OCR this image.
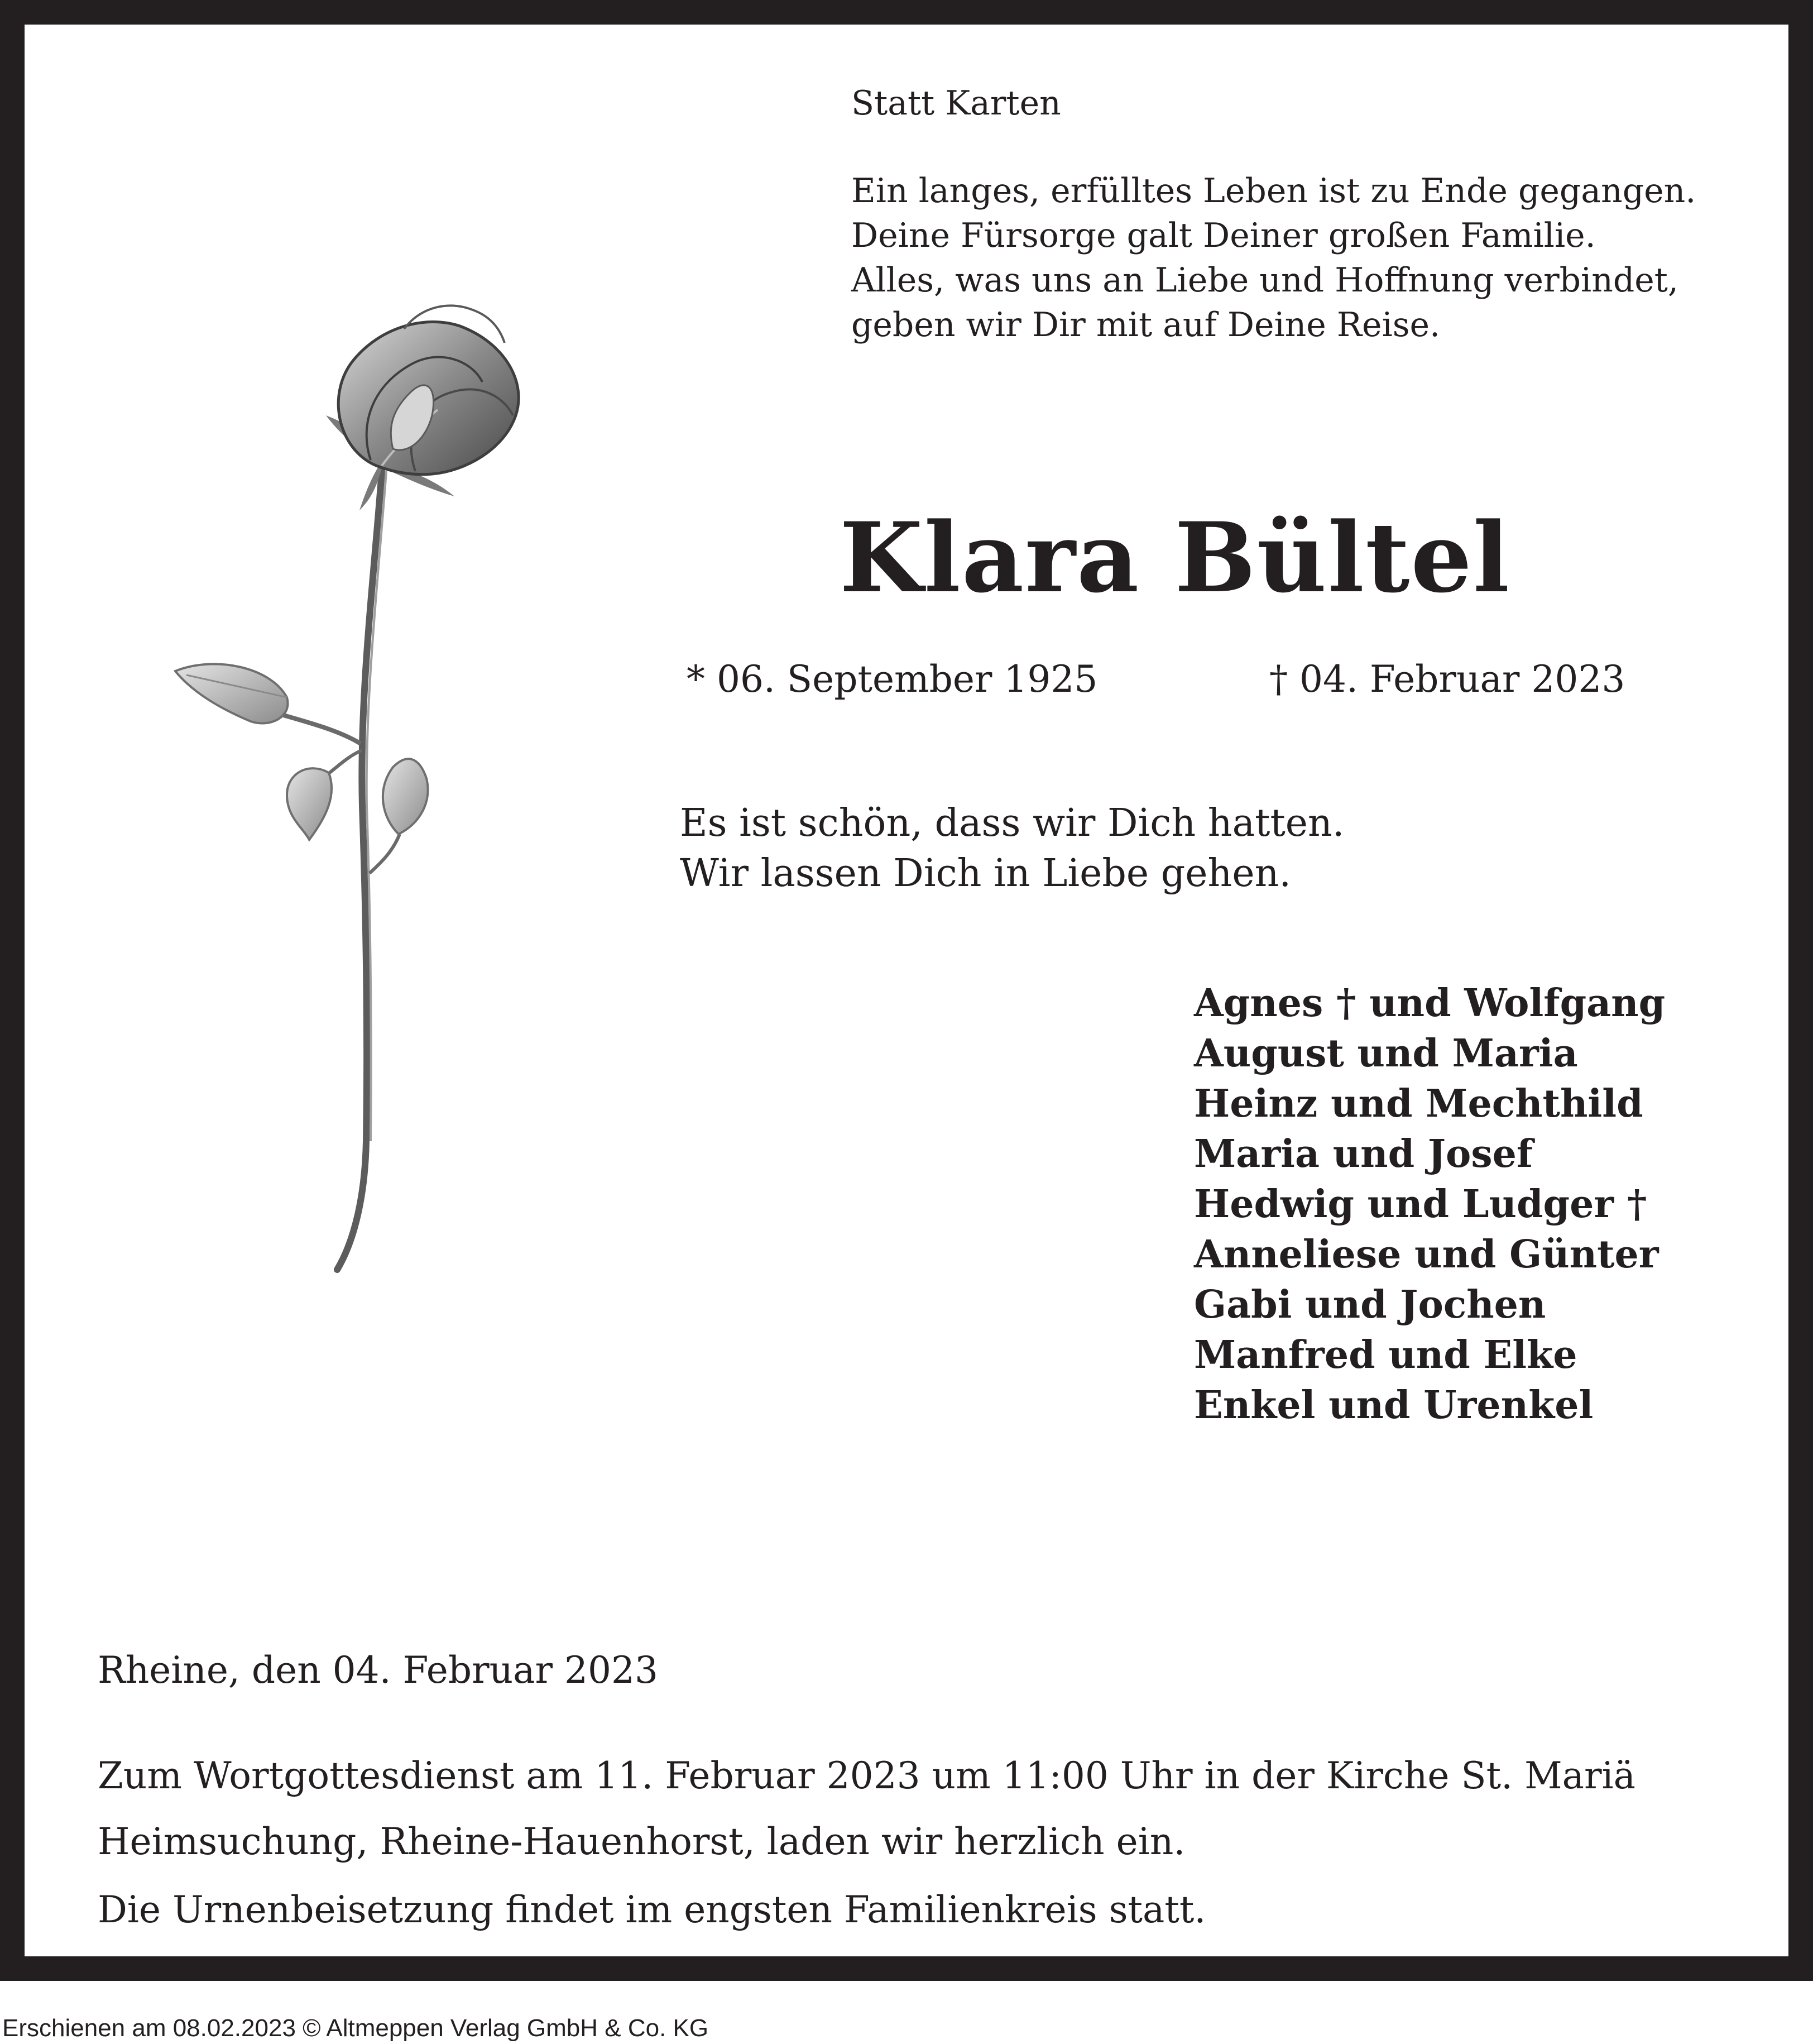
Statt Karten
Ein langes, erfülltes Leben ist zu Ende gegangen.
Deine Fürsorge galt Deiner großen Familie.
Alles, was uns an Liebe und Hoffnung verbindet,
geben wir Dir mit auf Deine Reise.
Klara Bültel
* 06. September 1925	† 04. Februar 2023
Es ist schön, dass wir Dich hatten.
Wir lassen Dich in Liebe gehen.
Agnes † und Wolfgang
August und Maria
Heinz und Mechthild
Maria und Josef
Hedwig und Ludger †
Anneliese und Günter
Gabi und Jochen
Manfred und Elke
Enkel und Urenkel
Rheine, den 04. Februar 2023
Zum Wortgottesdienst am 11. Februar 2023 um 11:00 Uhr in der Kirche St. Mariä
Heimsuchung, Rheine-Hauenhorst, laden wir herzlich ein.
Die Urnenbeisetzung findet im engsten Familienkreis statt.
Erschienen am 08.02.2023 © Altmeppen Verlag GmbH & Co. KG
